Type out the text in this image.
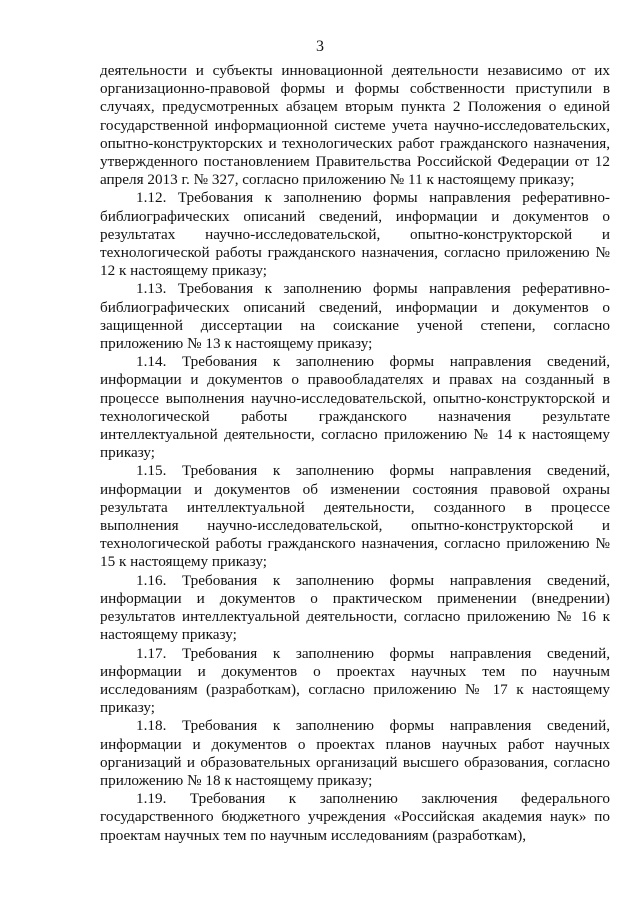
3

деятельности и субъекты инновационной деятельности независимо от их организационно-правовой формы и формы собственности приступили в случаях, предусмотренных абзацем вторым пункта 2 Положения о единой государственной информационной системе учета научно-исследовательских, опытно-конструкторских и технологических работ гражданского назначения, утвержденного постановлением Правительства Российской Федерации от 12 апреля 2013 г. № 327, согласно приложению № 11 к настоящему приказу;

1.12. Требования к заполнению формы направления реферативно-библиографических описаний сведений, информации и документов о результатах научно-исследовательской, опытно-конструкторской и технологической работы гражданского назначения, согласно приложению № 12 к настоящему приказу;

1.13. Требования к заполнению формы направления реферативно-библиографических описаний сведений, информации и документов о защищенной диссертации на соискание ученой степени, согласно приложению № 13 к настоящему приказу;

1.14. Требования к заполнению формы направления сведений, информации и документов о правообладателях и правах на созданный в процессе выполнения научно-исследовательской, опытно-конструкторской и технологической работы гражданского назначения результате интеллектуальной деятельности, согласно приложению № 14 к настоящему приказу;

1.15. Требования к заполнению формы направления сведений, информации и документов об изменении состояния правовой охраны результата интеллектуальной деятельности, созданного в процессе выполнения научно-исследовательской, опытно-конструкторской и технологической работы гражданского назначения, согласно приложению № 15 к настоящему приказу;

1.16. Требования к заполнению формы направления сведений, информации и документов о практическом применении (внедрении) результатов интеллектуальной деятельности, согласно приложению № 16 к настоящему приказу;

1.17. Требования к заполнению формы направления сведений, информации и документов о проектах научных тем по научным исследованиям (разработкам), согласно приложению № 17 к настоящему приказу;

1.18. Требования к заполнению формы направления сведений, информации и документов о проектах планов научных работ научных организаций и образовательных организаций высшего образования, согласно приложению № 18 к настоящему приказу;

1.19. Требования к заполнению заключения федерального государственного бюджетного учреждения «Российская академия наук» по проектам научных тем по научным исследованиям (разработкам),
